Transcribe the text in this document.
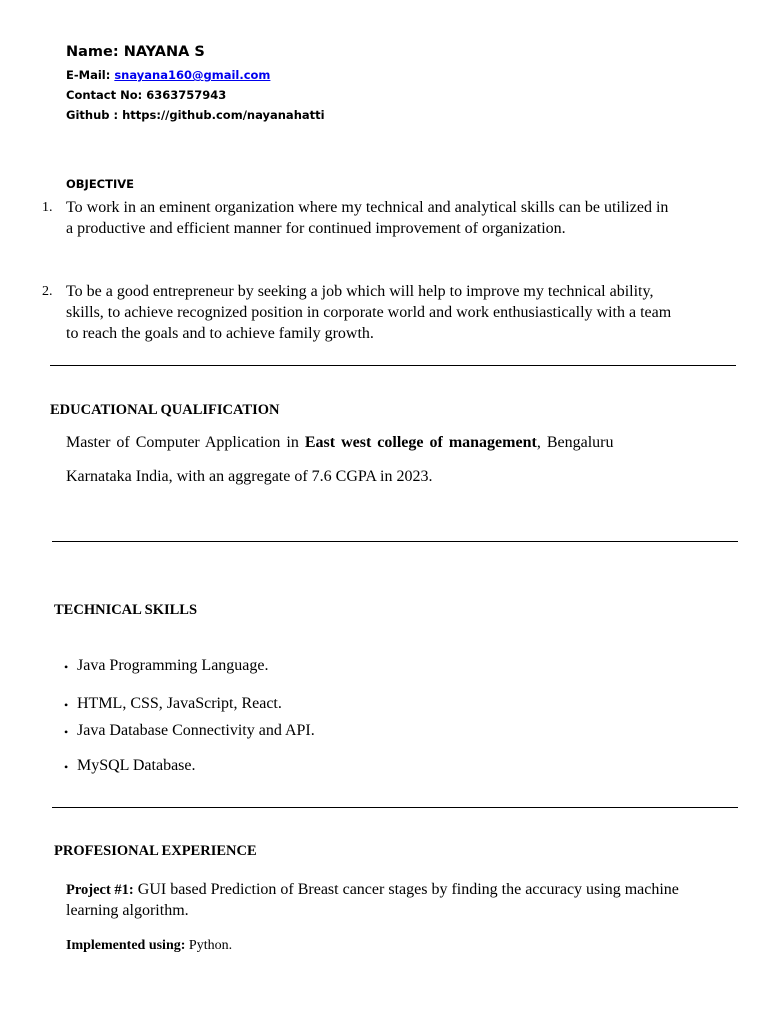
Name: NAYANA S
E-Mail: snayana160@gmail.com
Contact No: 6363757943
Github : https://github.com/nayanahatti
OBJECTIVE
1. To work in an eminent organization where my technical and analytical skills can be utilized in
a productive and efficient manner for continued improvement of organization.
2. To be a good entrepreneur by seeking a job which will help to improve my technical ability,
skills, to achieve recognized position in corporate world and work enthusiastically with a team
to reach the goals and to achieve family growth.
EDUCATIONAL QUALIFICATION
Master of Computer Application in East west college of management, Bengaluru
Karnataka India, with an aggregate of 7.6 CGPA in 2023.
TECHNICAL SKILLS
• Java Programming Language.
• HTML, CSS, JavaScript, React.
• Java Database Connectivity and API.
• MySQL Database.
PROFESIONAL EXPERIENCE
Project #1: GUI based Prediction of Breast cancer stages by finding the accuracy using machine
learning algorithm.
Implemented using: Python.
